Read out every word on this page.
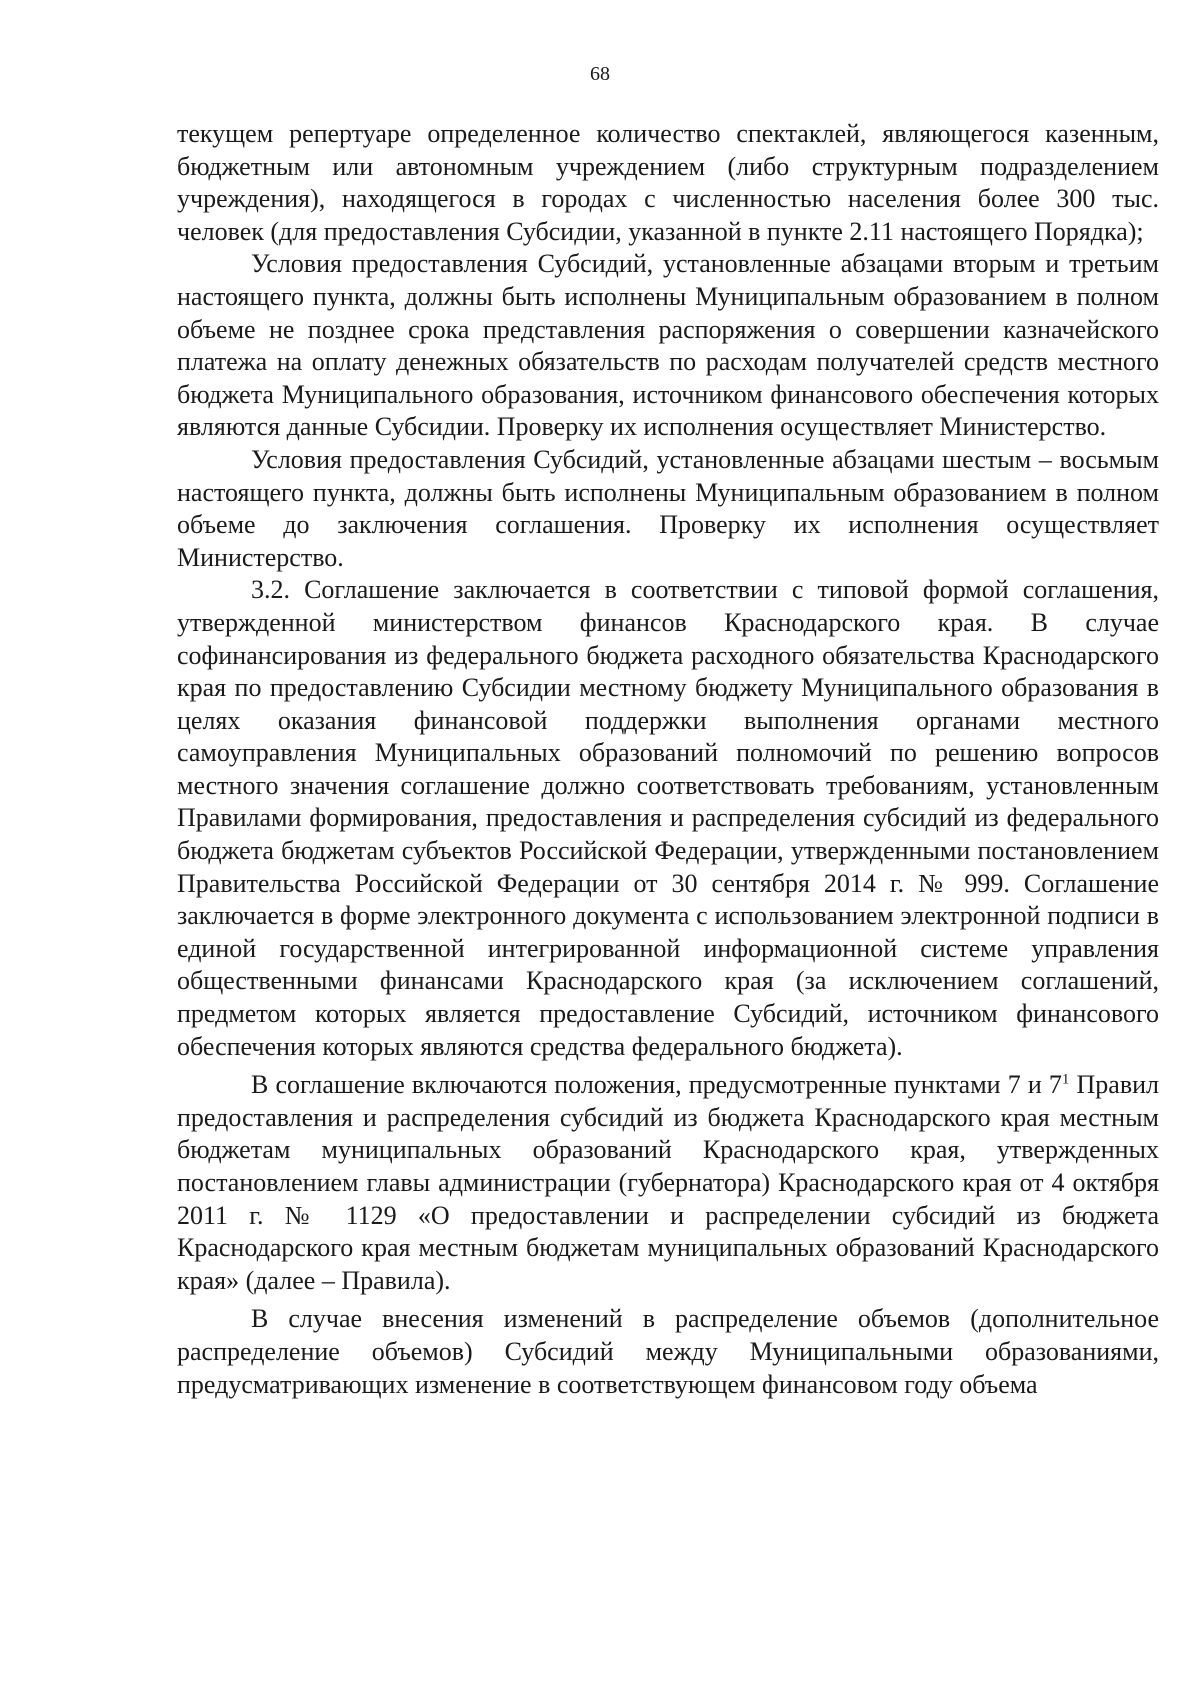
68

текущем репертуаре определенное количество спектаклей, являющегося казенным, бюджетным или автономным учреждением (либо структурным подразделением учреждения), находящегося в городах с численностью населения более 300 тыс. человек (для предоставления Субсидии, указанной в пункте 2.11 настоящего Порядка);

Условия предоставления Субсидий, установленные абзацами вторым и третьим настоящего пункта, должны быть исполнены Муниципальным образованием в полном объеме не позднее срока представления распоряжения о совершении казначейского платежа на оплату денежных обязательств по расходам получателей средств местного бюджета Муниципального образования, источником финансового обеспечения которых являются данные Субсидии. Проверку их исполнения осуществляет Министерство.

Условия предоставления Субсидий, установленные абзацами шестым – восьмым настоящего пункта, должны быть исполнены Муниципальным образованием в полном объеме до заключения соглашения. Проверку их исполнения осуществляет Министерство.

3.2. Соглашение заключается в соответствии с типовой формой соглашения, утвержденной министерством финансов Краснодарского края. В случае софинансирования из федерального бюджета расходного обязательства Краснодарского края по предоставлению Субсидии местному бюджету Муниципального образования в целях оказания финансовой поддержки выполнения органами местного самоуправления Муниципальных образований полномочий по решению вопросов местного значения соглашение должно соответствовать требованиям, установленным Правилами формирования, предоставления и распределения субсидий из федерального бюджета бюджетам субъектов Российской Федерации, утвержденными постановлением Правительства Российской Федерации от 30 сентября 2014 г. № 999. Соглашение заключается в форме электронного документа с использованием электронной подписи в единой государственной интегрированной информационной системе управления общественными финансами Краснодарского края (за исключением соглашений, предметом которых является предоставление Субсидий, источником финансового обеспечения которых являются средства федерального бюджета).

В соглашение включаются положения, предусмотренные пунктами 7 и $7^1$ Правил предоставления и распределения субсидий из бюджета Краснодарского края местным бюджетам муниципальных образований Краснодарского края, утвержденных постановлением главы администрации (губернатора) Краснодарского края от 4 октября 2011 г. № 1129 «О предоставлении и распределении субсидий из бюджета Краснодарского края местным бюджетам муниципальных образований Краснодарского края» (далее – Правила).

В случае внесения изменений в распределение объемов (дополнительное распределение объемов) Субсидий между Муниципальными образованиями, предусматривающих изменение в соответствующем финансовом году объема
